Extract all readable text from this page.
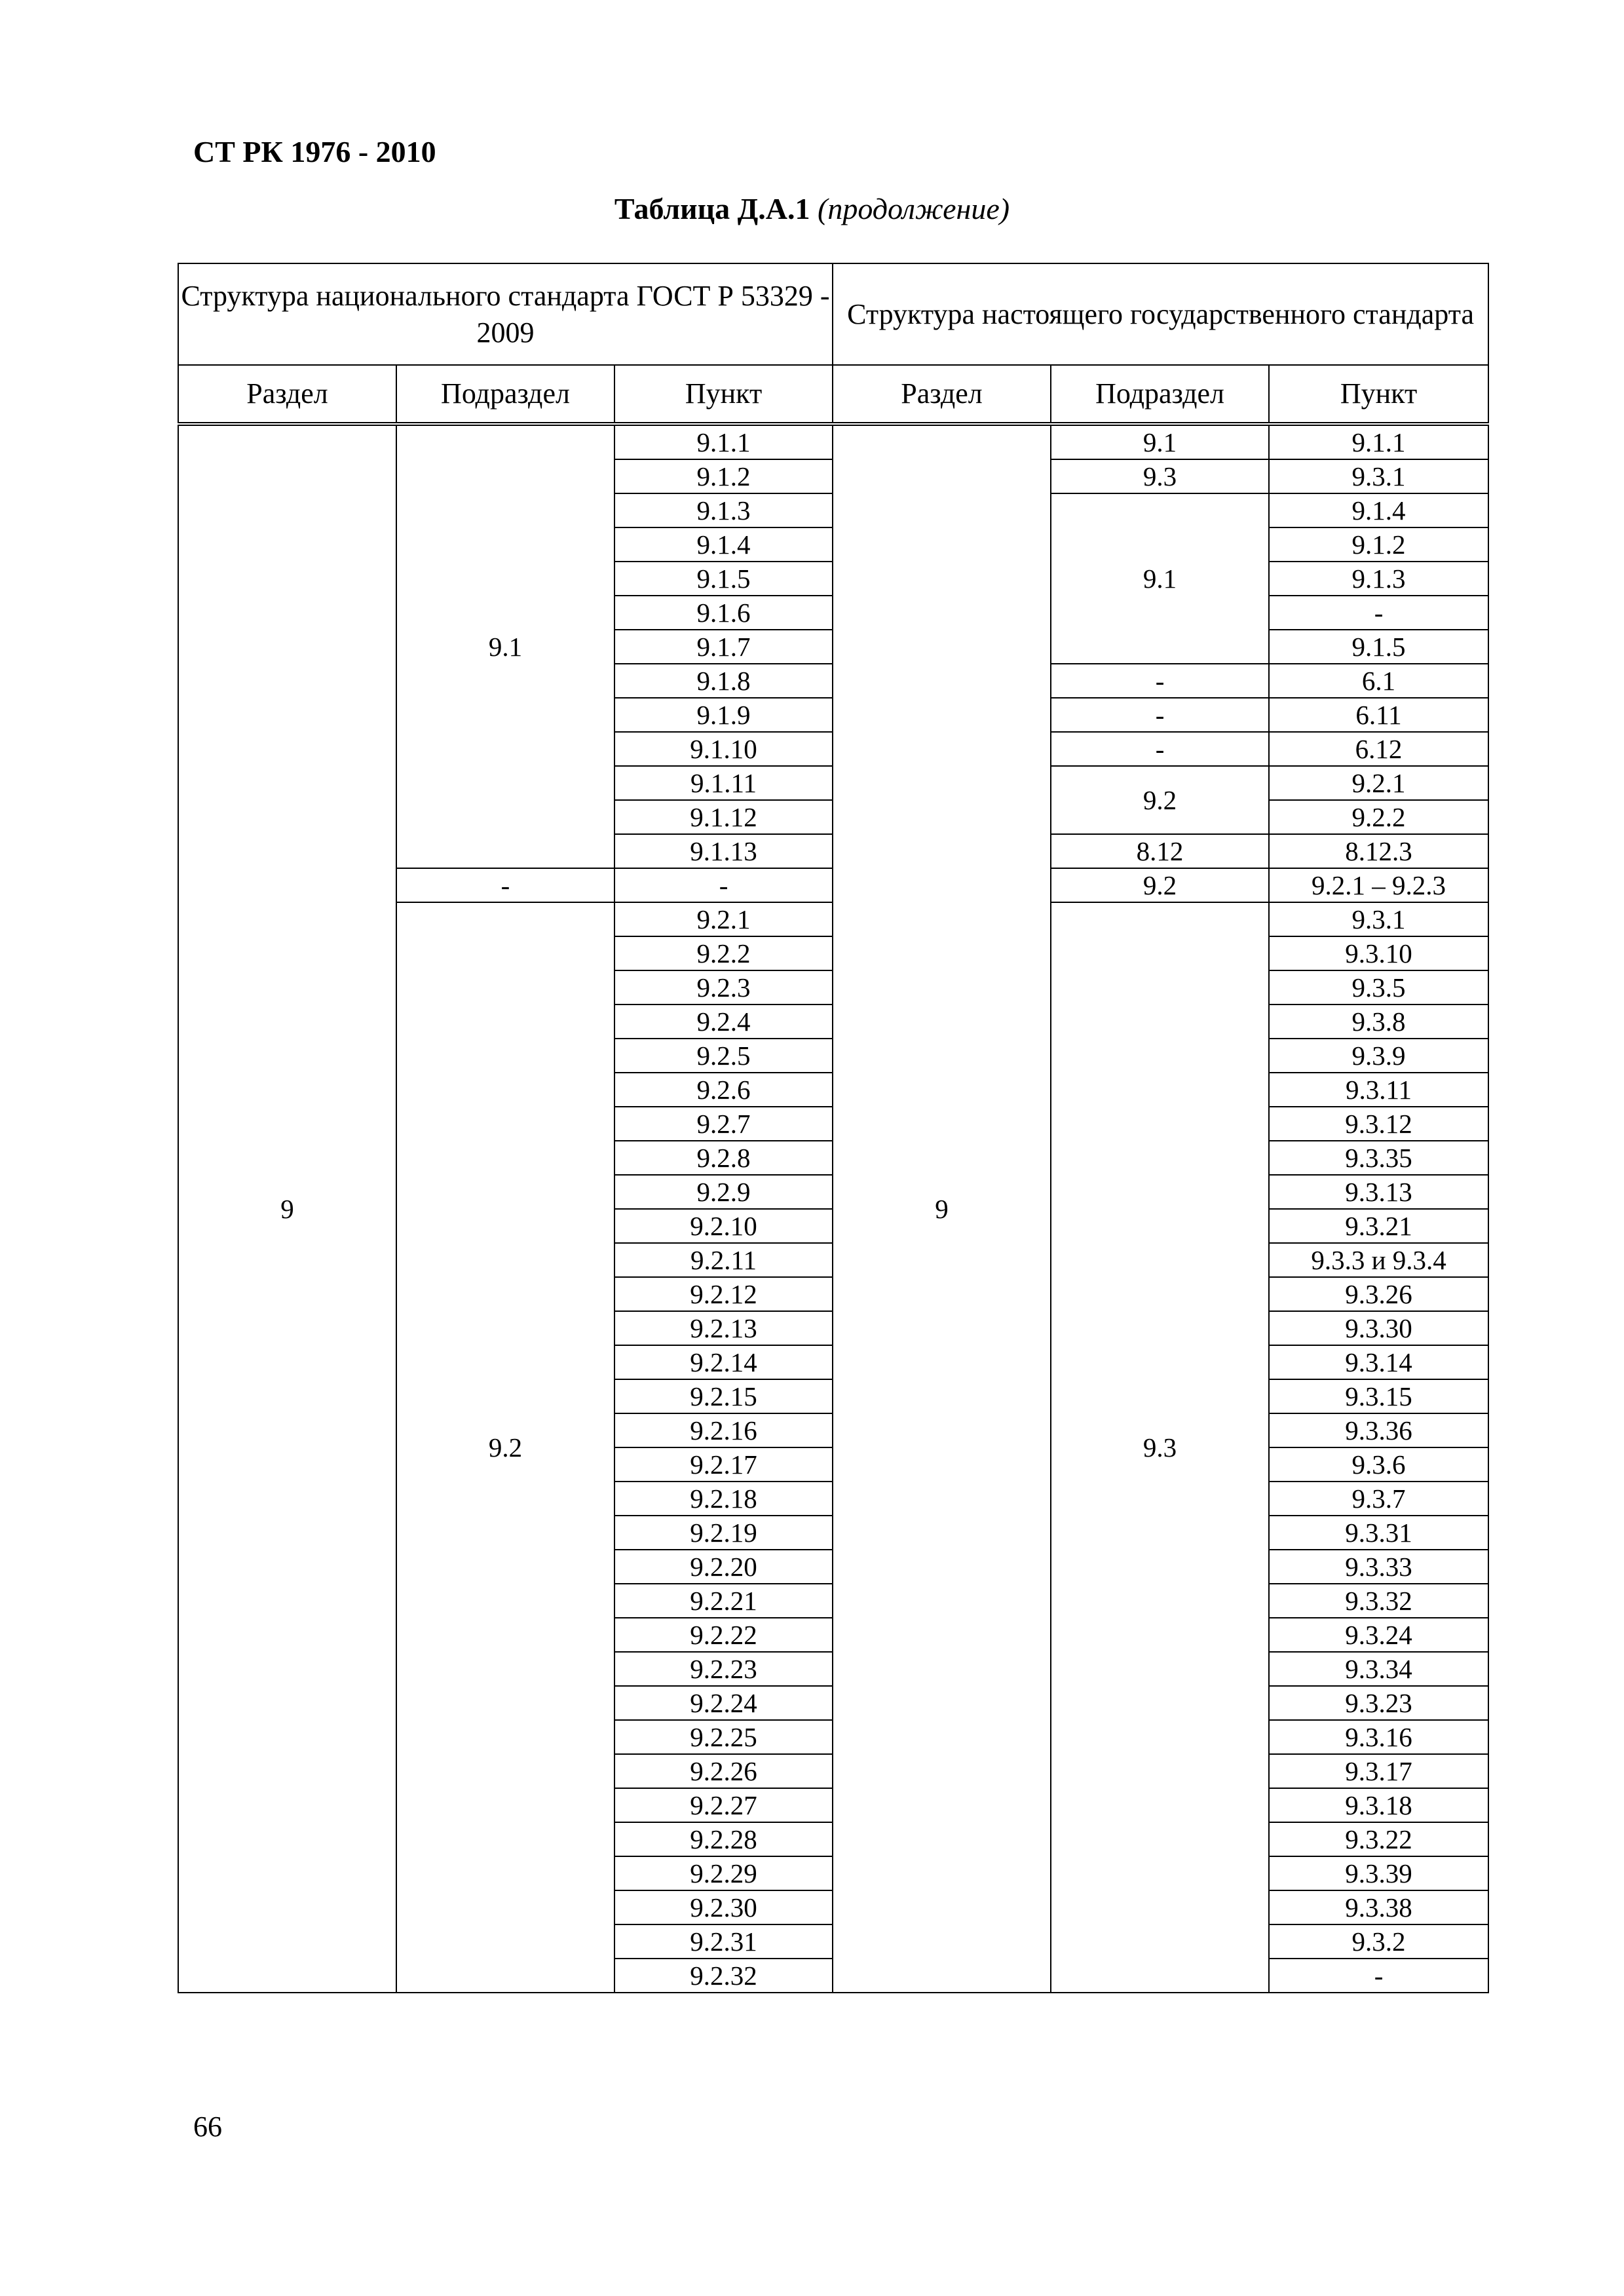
СТ РК 1976 - 2010
Таблица Д.А.1 (продолжение)
Структура национального стандарта ГОСТ Р 53329 - 2009			Структура настоящего государственного стандарта		
Раздел	Подраздел	Пункт	Раздел	Подраздел	Пункт
9	9.1	9.1.1	9	9.1	9.1.1
		9.1.2		9.3	9.3.1
		9.1.3		9.1	9.1.4
		9.1.4			9.1.2
		9.1.5			9.1.3
		9.1.6			-
		9.1.7			9.1.5
		9.1.8		-	6.1
		9.1.9		-	6.11
		9.1.10		-	6.12
		9.1.11		9.2	9.2.1
		9.1.12			9.2.2
		9.1.13		8.12	8.12.3
	-	-		9.2	9.2.1 – 9.2.3
	9.2	9.2.1		9.3	9.3.1
		9.2.2			9.3.10
		9.2.3			9.3.5
		9.2.4			9.3.8
		9.2.5			9.3.9
		9.2.6			9.3.11
		9.2.7			9.3.12
		9.2.8			9.3.35
		9.2.9			9.3.13
		9.2.10			9.3.21
		9.2.11			9.3.3 и 9.3.4
		9.2.12			9.3.26
		9.2.13			9.3.30
		9.2.14			9.3.14
		9.2.15			9.3.15
		9.2.16			9.3.36
		9.2.17			9.3.6
		9.2.18			9.3.7
		9.2.19			9.3.31
		9.2.20			9.3.33
		9.2.21			9.3.32
		9.2.22			9.3.24
		9.2.23			9.3.34
		9.2.24			9.3.23
		9.2.25			9.3.16
		9.2.26			9.3.17
		9.2.27			9.3.18
		9.2.28			9.3.22
		9.2.29			9.3.39
		9.2.30			9.3.38
		9.2.31			9.3.2
		9.2.32			-
66
